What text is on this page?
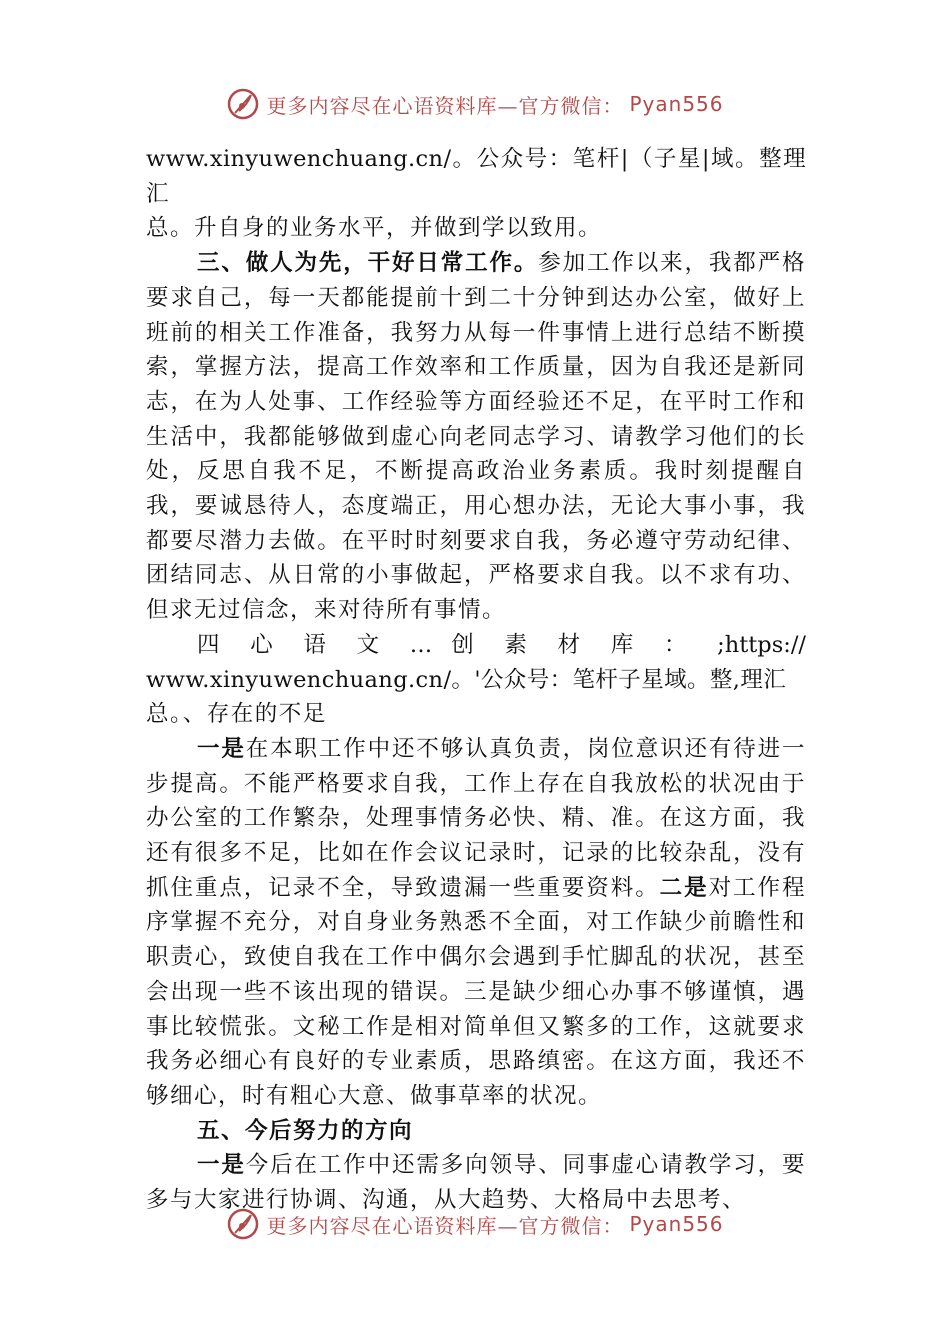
更多内容尽在心语资料库—官方微信： Pyan556
www.xinyuwenchuang.cn/。公众号：笔杆|（子星|域。整理汇
总。升自身的业务水平，并做到学以致用。

三、做人为先，干好日常工作。参加工作以来，我都严格要求自己，每一天都能提前十到二十分钟到达办公室，做好上班前的相关工作准备，我努力从每一件事情上进行总结不断摸索，掌握方法，提高工作效率和工作质量，因为自我还是新同志，在为人处事、工作经验等方面经验还不足，在平时工作和生活中，我都能够做到虚心向老同志学习、请教学习他们的长处，反思自我不足，不断提高政治业务素质。我时刻提醒自我，要诚恳待人，态度端正，用心想办法，无论大事小事，我都要尽潜力去做。在平时时刻要求自我，务必遵守劳动纪律、团结同志、从日常的小事做起，严格要求自我。以不求有功、但求无过信念，来对待所有事情。

四 心 语 文 … 创 素 材 库 ： ;https://
www.xinyuwenchuang.cn/。'公众号：笔杆子星域。整,理汇
总。、存在的不足

一是在本职工作中还不够认真负责，岗位意识还有待进一步提高。不能严格要求自我，工作上存在自我放松的状况由于办公室的工作繁杂，处理事情务必快、精、准。在这方面，我还有很多不足，比如在作会议记录时，记录的比较杂乱，没有抓住重点，记录不全，导致遗漏一些重要资料。二是对工作程序掌握不充分，对自身业务熟悉不全面，对工作缺少前瞻性和职责心，致使自我在工作中偶尔会遇到手忙脚乱的状况，甚至会出现一些不该出现的错误。三是缺少细心办事不够谨慎，遇事比较慌张。文秘工作是相对简单但又繁多的工作，这就要求我务必细心有良好的专业素质，思路缜密。在这方面，我还不够细心，时有粗心大意、做事草率的状况。

五、今后努力的方向

一是今后在工作中还需多向领导、同事虚心请教学习，要多与大家进行协调、沟通，从大趋势、大格局中去思考、

更多内容尽在心语资料库—官方微信： Pyan556
